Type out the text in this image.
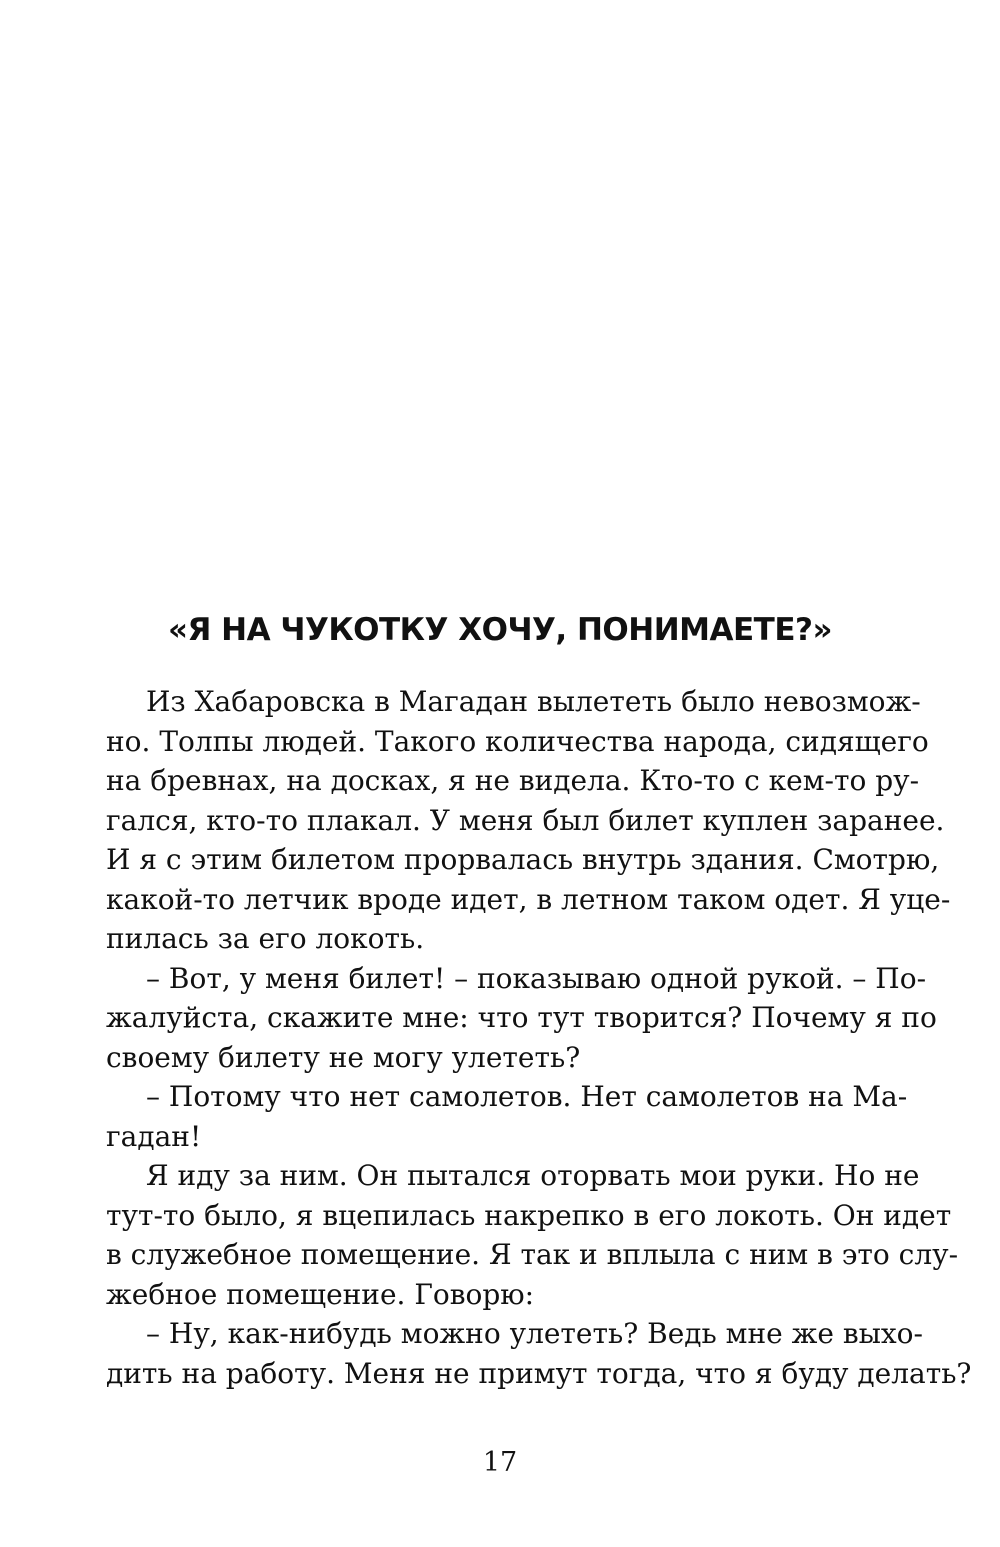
«Я НА ЧУКОТКУ ХОЧУ, ПОНИМАЕТЕ?»
Из Хабаровска в Магадан вылететь было невозмож-
но. Толпы людей. Такого количества народа, сидящего
на бревнах, на досках, я не видела. Кто-то с кем-то ру-
гался, кто-то плакал. У меня был билет куплен заранее.
И я с этим билетом прорвалась внутрь здания. Смотрю,
какой-то летчик вроде идет, в летном таком одет. Я уце-
пилась за его локоть.
– Вот, у меня билет! – показываю одной рукой. – По-
жалуйста, скажите мне: что тут творится? Почему я по
своему билету не могу улететь?
– Потому что нет самолетов. Нет самолетов на Ма-
гадан!
Я иду за ним. Он пытался оторвать мои руки. Но не
тут-то было, я вцепилась накрепко в его локоть. Он идет
в служебное помещение. Я так и вплыла с ним в это слу-
жебное помещение. Говорю:
– Ну, как-нибудь можно улететь? Ведь мне же выхо-
дить на работу. Меня не примут тогда, что я буду делать?
17
